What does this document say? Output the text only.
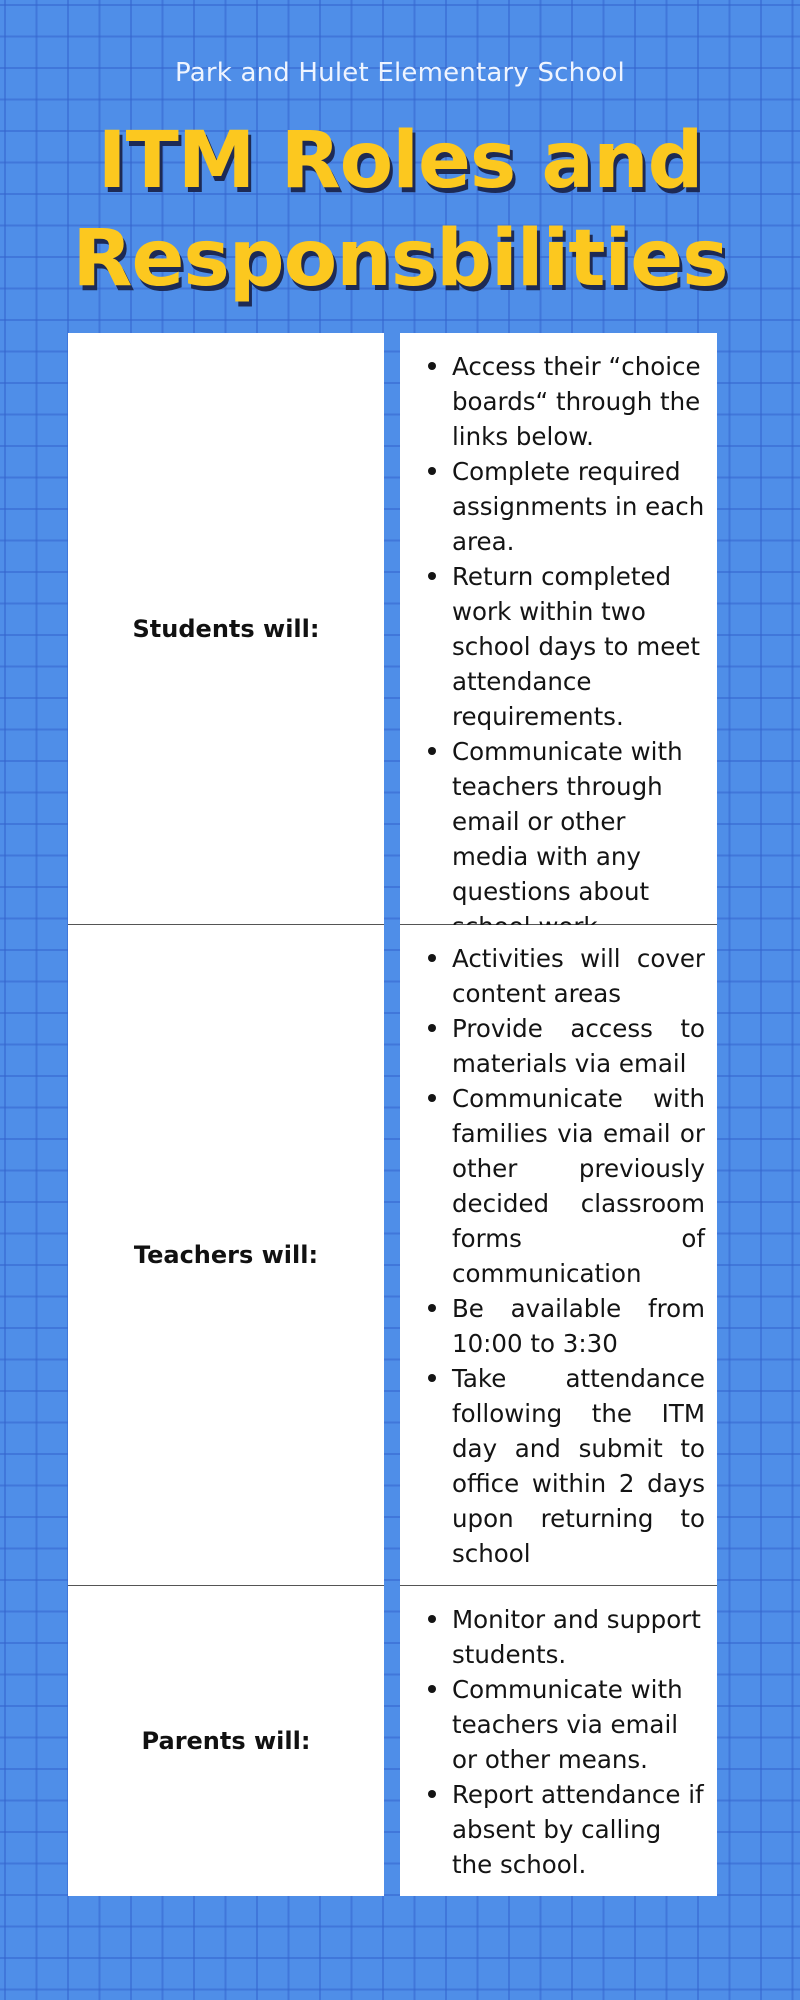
Park and Hulet Elementary School
ITM Roles and
Responsbilities
Students will:
Access their “choice boards“ through the links below.
Complete required assignments in each area.
Return completed work within two school days to meet attendance requirements.
Communicate with teachers through email or other media with any questions about
Teachers will:
Activities will cover content areas
Provide access to materials via email
Communicate with families via email or other previously decided classroom forms of communication
Be available from 10:00 to 3:30
Take attendance following the ITM day and submit to office within 2 days upon returning to school
Parents will:
Monitor and support students.
Communicate with teachers via email or other means.
Report attendance if absent by calling the school.
